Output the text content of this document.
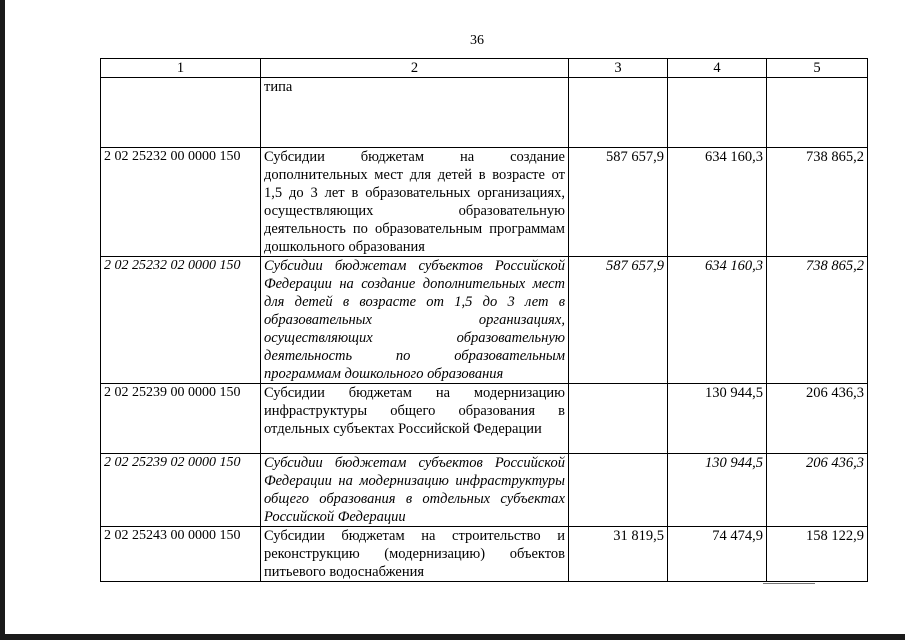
36
1	2	3	4	5
	типа			
2 02 25232 00 0000 150	Субсидии бюджетам на создание дополнительных мест для детей в возрасте от 1,5 до 3 лет в образовательных организациях, осуществляющих образовательную деятельность по образовательным программам дошкольного образования	587 657,9	634 160,3	738 865,2
2 02 25232 02 0000 150	Субсидии бюджетам субъектов Российской Федерации на создание дополнительных мест для детей в возрасте от 1,5 до 3 лет в образовательных организациях, осуществляющих образовательную деятельность по образовательным программам дошкольного образования	587 657,9	634 160,3	738 865,2
2 02 25239 00 0000 150	Субсидии бюджетам на модернизацию инфраструктуры общего образования в отдельных субъектах Российской Федерации		130 944,5	206 436,3
2 02 25239 02 0000 150	Субсидии бюджетам субъектов Российской Федерации на модернизацию инфраструктуры общего образования в отдельных субъектах Российской Федерации		130 944,5	206 436,3
2 02 25243 00 0000 150	Субсидии бюджетам на строительство и реконструкцию (модернизацию) объектов питьевого водоснабжения	31 819,5	74 474,9	158 122,9
